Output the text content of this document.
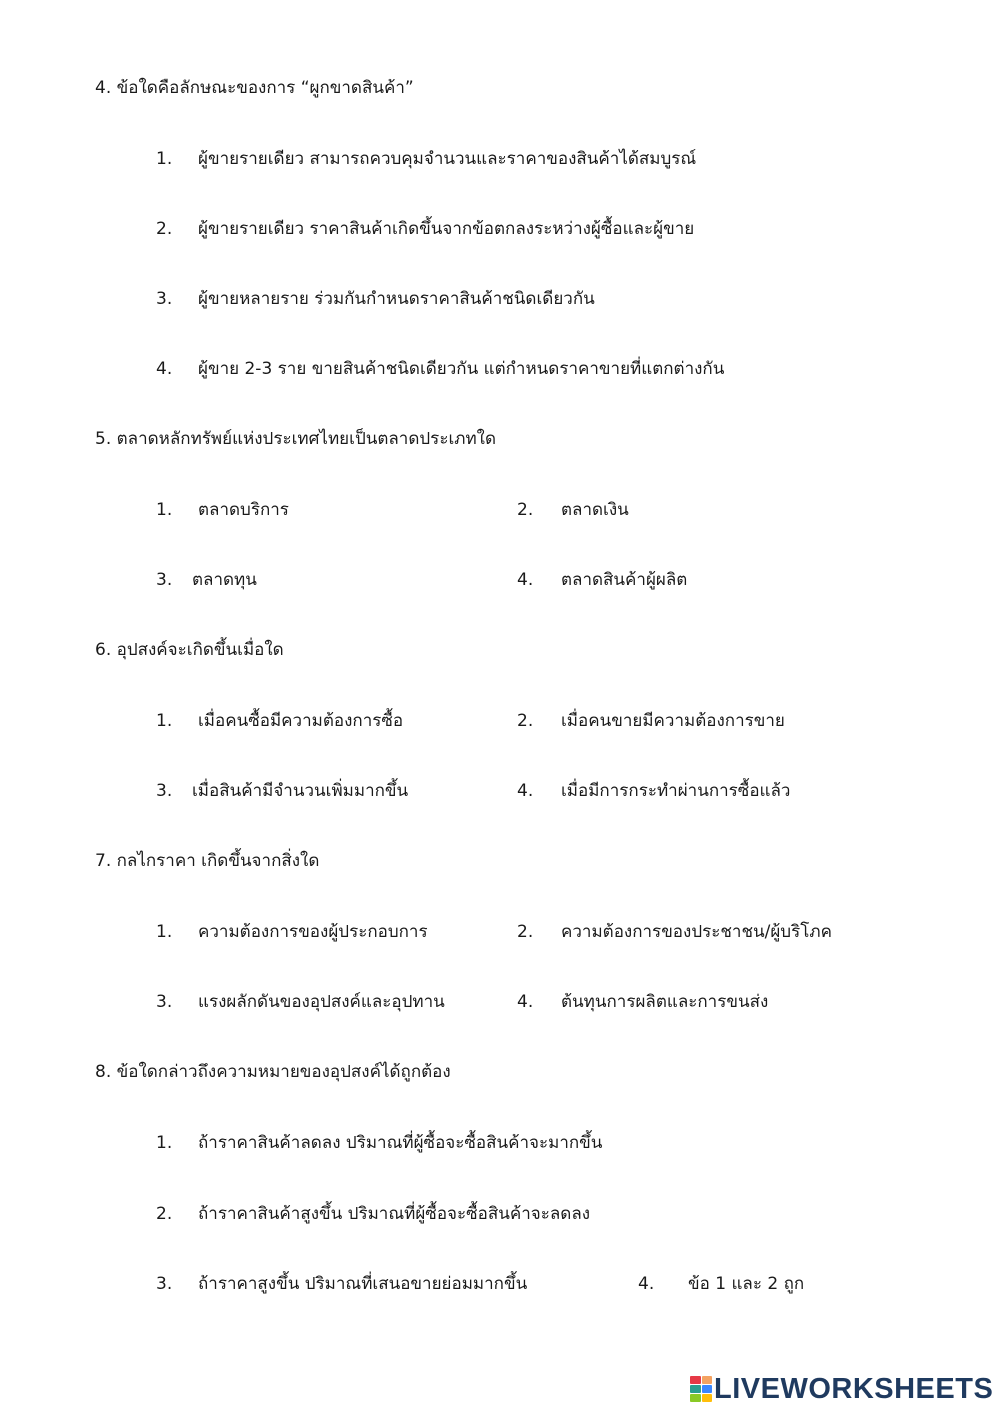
4. ข้อใดคือลักษณะของการ “ผูกขาดสินค้า”
1. ผู้ขายรายเดียว สามารถควบคุมจำนวนและราคาของสินค้าได้สมบูรณ์
2. ผู้ขายรายเดียว ราคาสินค้าเกิดขึ้นจากข้อตกลงระหว่างผู้ซื้อและผู้ขาย
3. ผู้ขายหลายราย ร่วมกันกำหนดราคาสินค้าชนิดเดียวกัน
4. ผู้ขาย 2-3 ราย ขายสินค้าชนิดเดียวกัน แต่กำหนดราคาขายที่แตกต่างกัน
5. ตลาดหลักทรัพย์แห่งประเทศไทยเป็นตลาดประเภทใด
1. ตลาดบริการ	2. ตลาดเงิน
3. ตลาดทุน	4. ตลาดสินค้าผู้ผลิต
6. อุปสงค์จะเกิดขึ้นเมื่อใด
1. เมื่อคนซื้อมีความต้องการซื้อ	2. เมื่อคนขายมีความต้องการขาย
3. เมื่อสินค้ามีจำนวนเพิ่มมากขึ้น	4. เมื่อมีการกระทำผ่านการซื้อแล้ว
7. กลไกราคา เกิดขึ้นจากสิ่งใด
1. ความต้องการของผู้ประกอบการ	2. ความต้องการของประชาชน/ผู้บริโภค
3. แรงผลักดันของอุปสงค์และอุปทาน	4. ต้นทุนการผลิตและการขนส่ง
8. ข้อใดกล่าวถึงความหมายของอุปสงค์ได้ถูกต้อง
1. ถ้าราคาสินค้าลดลง ปริมาณที่ผู้ซื้อจะซื้อสินค้าจะมากขึ้น
2. ถ้าราคาสินค้าสูงขึ้น ปริมาณที่ผู้ซื้อจะซื้อสินค้าจะลดลง
3. ถ้าราคาสูงขึ้น ปริมาณที่เสนอขายย่อมมากขึ้น	4. ข้อ 1 และ 2 ถูก
LIVEWORKSHEETS
